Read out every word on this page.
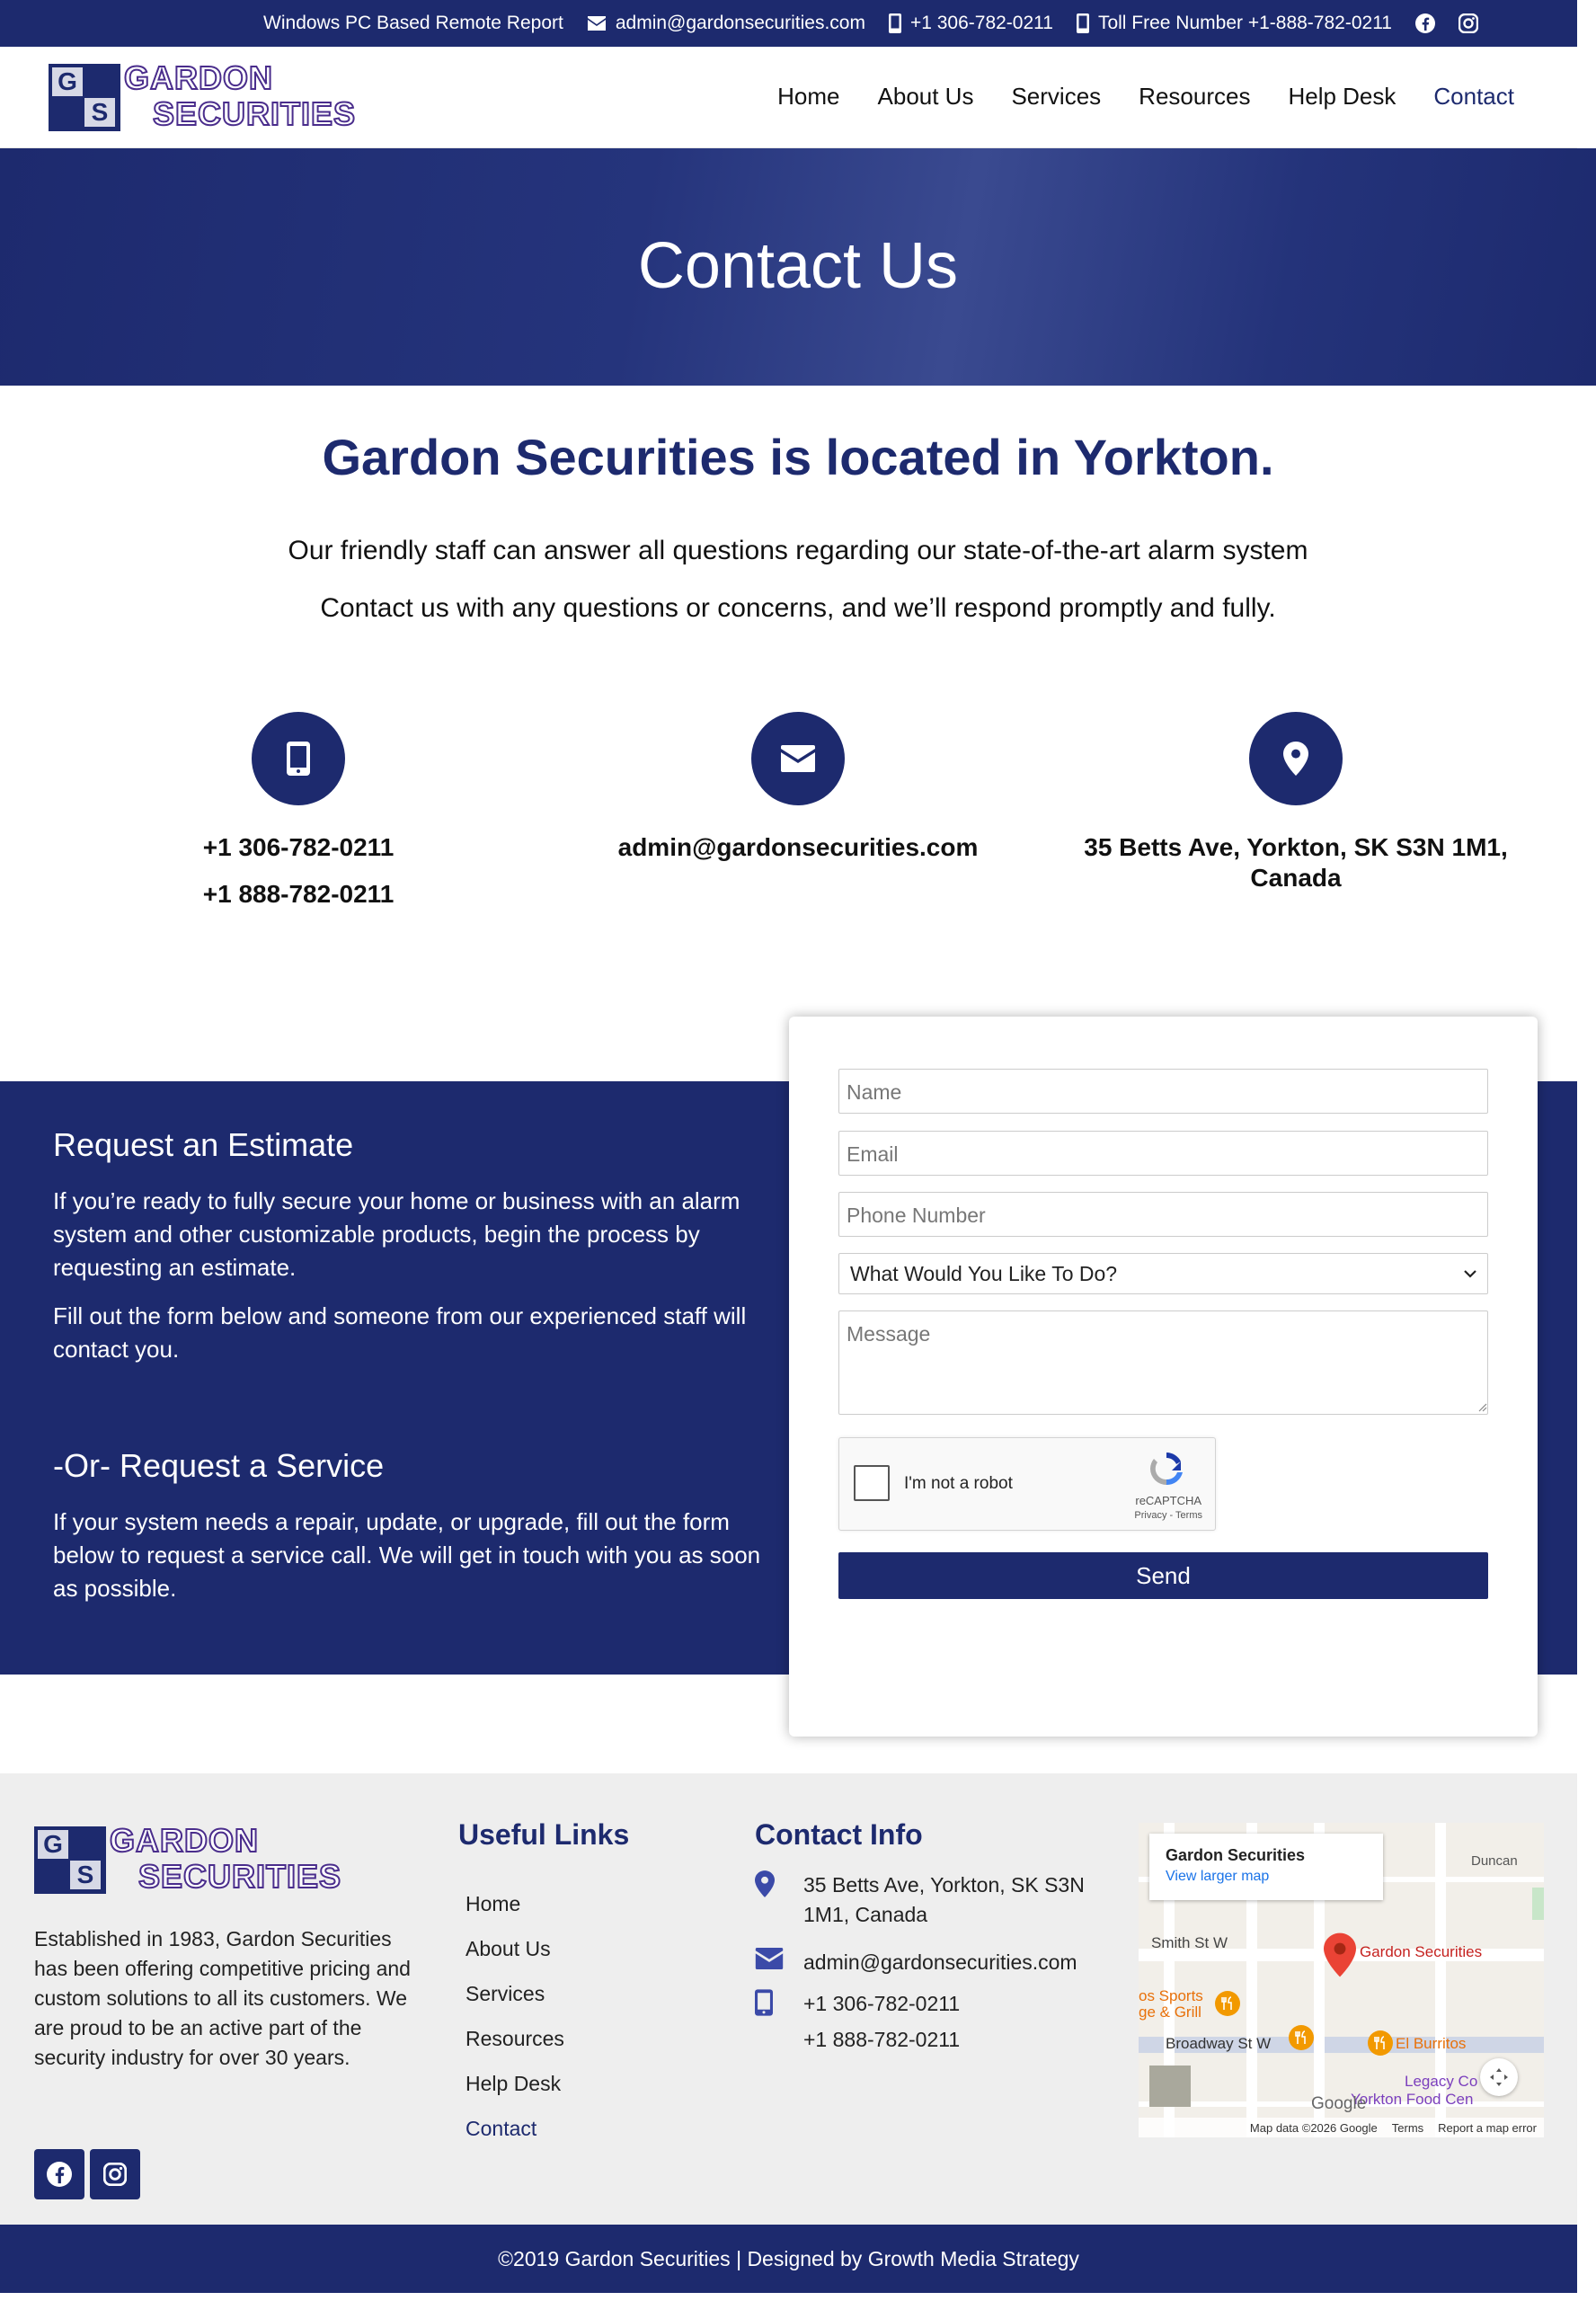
Windows PC Based Remote Report	admin@gardonsecurities.com +1 306-782-0211 Toll Free Number +1-888-782-0211
G
S
GARDON
SECURITIES	Home About Us Services Resources Help Desk Contact
Contact Us
Gardon Securities is located in Yorkton.
Our friendly staff can answer all questions regarding our state-of-the-art alarm system
Contact us with any questions or concerns, and we’ll respond promptly and fully.
+1 306-782-0211
+1 888-782-0211
admin@gardonsecurities.com	35 Betts Ave, Yorkton, SK S3N 1M1,
Canada
Request an Estimate

If you’re ready to fully secure your home or business with an alarm system and other customizable products, begin the process by requesting an estimate.

Fill out the form below and someone from our experienced staff will contact you.

-Or- Request a Service

If your system needs a repair, update, or upgrade, fill out the form below to request a service call. We will get in touch with you as soon as possible.

Name
Email
Phone Number
What Would You Like To Do?
Message
I'm not a robot
reCAPTCHA
Privacy - Terms
Send
G
S
GARDON
SECURITIES
Established in 1983, Gardon Securities has been offering competitive pricing and custom solutions to all its customers. We are proud to be an active part of the security industry for over 30 years.
Useful Links
Home
About Us
Services
Resources
Help Desk
Contact
Contact Info
35 Betts Ave, Yorkton, SK S3N 1M1, Canada
admin@gardonsecurities.com
+1 306-782-0211
+1 888-782-0211
Gardon Securities
View larger map
Duncan
Smith St W
Gardon Securities
os Sports
ge & Grill
Broadway St W	El Burritos
Legacy Co
Yorkton Food Cen
Google
Map data ©2026 Google Terms Report a map error
©2019 Gardon Securities | Designed by Growth Media Strategy
